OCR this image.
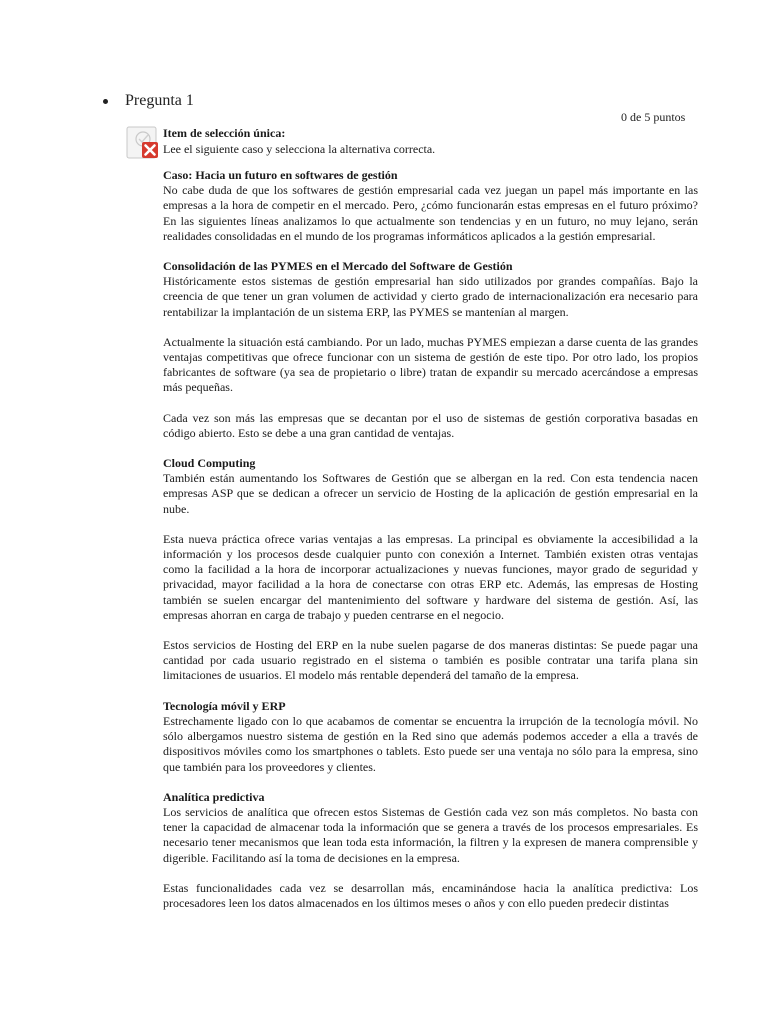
Pregunta 1
0 de 5 puntos
Item de selección única:
Lee el siguiente caso y selecciona la alternativa correcta.

Caso: Hacia un futuro en softwares de gestión

No cabe duda de que los softwares de gestión empresarial cada vez juegan un papel más importante en las empresas a la hora de competir en el mercado. Pero, ¿cómo funcionarán estas empresas en el futuro próximo? En las siguientes líneas analizamos lo que actualmente son tendencias y en un futuro, no muy lejano, serán realidades consolidadas en el mundo de los programas informáticos aplicados a la gestión empresarial.

Consolidación de las PYMES en el Mercado del Software de Gestión

Históricamente estos sistemas de gestión empresarial han sido utilizados por grandes compañías. Bajo la creencia de que tener un gran volumen de actividad y cierto grado de internacionalización era necesario para rentabilizar la implantación de un sistema ERP, las PYMES se mantenían al margen.

Actualmente la situación está cambiando. Por un lado, muchas PYMES empiezan a darse cuenta de las grandes ventajas competitivas que ofrece funcionar con un sistema de gestión de este tipo. Por otro lado, los propios fabricantes de software (ya sea de propietario o libre) tratan de expandir su mercado acercándose a empresas más pequeñas.

Cada vez son más las empresas que se decantan por el uso de sistemas de gestión corporativa basadas en código abierto. Esto se debe a una gran cantidad de ventajas.

Cloud Computing

También están aumentando los Softwares de Gestión que se albergan en la red. Con esta tendencia nacen empresas ASP que se dedican a ofrecer un servicio de Hosting de la aplicación de gestión empresarial en la nube.

Esta nueva práctica ofrece varias ventajas a las empresas. La principal es obviamente la accesibilidad a la información y los procesos desde cualquier punto con conexión a Internet. También existen otras ventajas como la facilidad a la hora de incorporar actualizaciones y nuevas funciones, mayor grado de seguridad y privacidad, mayor facilidad a la hora de conectarse con otras ERP etc. Además, las empresas de Hosting también se suelen encargar del mantenimiento del software y hardware del sistema de gestión. Así, las empresas ahorran en carga de trabajo y pueden centrarse en el negocio.

Estos servicios de Hosting del ERP en la nube suelen pagarse de dos maneras distintas: Se puede pagar una cantidad por cada usuario registrado en el sistema o también es posible contratar una tarifa plana sin limitaciones de usuarios. El modelo más rentable dependerá del tamaño de la empresa.

Tecnología móvil y ERP

Estrechamente ligado con lo que acabamos de comentar se encuentra la irrupción de la tecnología móvil. No sólo albergamos nuestro sistema de gestión en la Red sino que además podemos acceder a ella a través de dispositivos móviles como los smartphones o tablets. Esto puede ser una ventaja no sólo para la empresa, sino que también para los proveedores y clientes.

Analítica predictiva

Los servicios de analítica que ofrecen estos Sistemas de Gestión cada vez son más completos. No basta con tener la capacidad de almacenar toda la información que se genera a través de los procesos empresariales. Es necesario tener mecanismos que lean toda esta información, la filtren y la expresen de manera comprensible y digerible. Facilitando así la toma de decisiones en la empresa.

Estas funcionalidades cada vez se desarrollan más, encaminándose hacia la analítica predictiva: Los procesadores leen los datos almacenados en los últimos meses o años y con ello pueden predecir distintas
